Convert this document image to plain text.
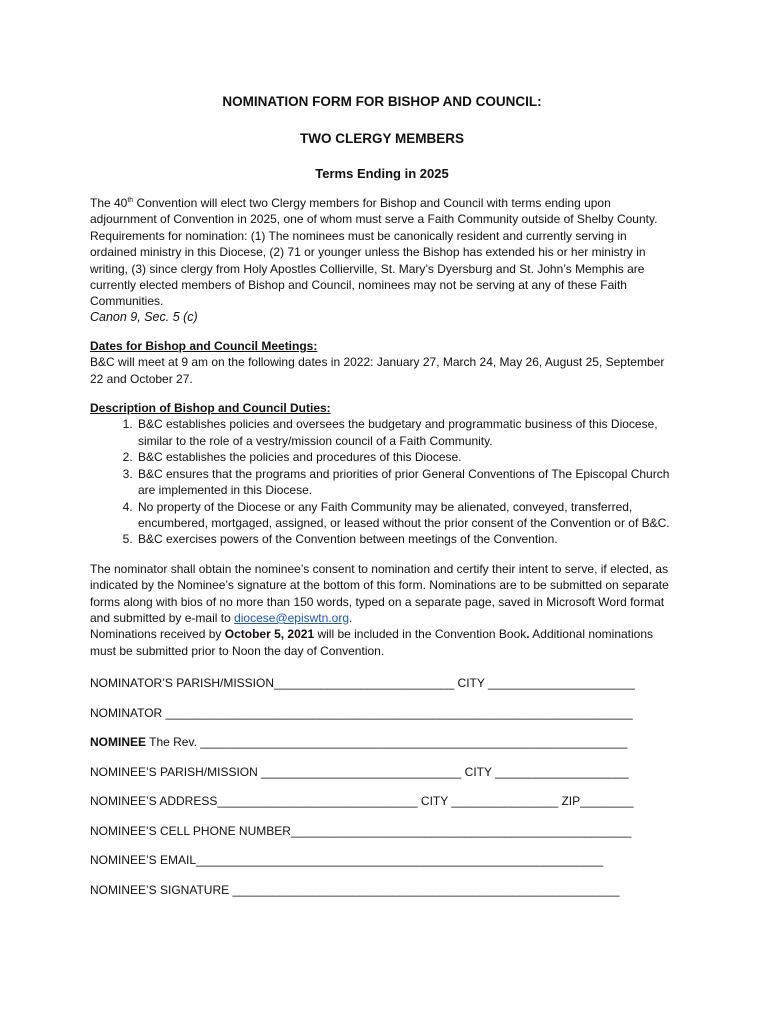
NOMINATION FORM FOR BISHOP AND COUNCIL:
TWO CLERGY MEMBERS
Terms Ending in 2025

The 40th Convention will elect two Clergy members for Bishop and Council with terms ending upon adjournment of Convention in 2025, one of whom must serve a Faith Community outside of Shelby County. Requirements for nomination: (1) The nominees must be canonically resident and currently serving in ordained ministry in this Diocese, (2) 71 or younger unless the Bishop has extended his or her ministry in writing, (3) since clergy from Holy Apostles Collierville, St. Mary’s Dyersburg and St. John’s Memphis are currently elected members of Bishop and Council, nominees may not be serving at any of these Faith Communities.

Canon 9, Sec. 5 (c)
Dates for Bishop and Council Meetings:

B&C will meet at 9 am on the following dates in 2022: January 27, March 24, May 26, August 25, September 22 and October 27.

Description of Bishop and Council Duties:
1. B&C establishes policies and oversees the budgetary and programmatic business of this Diocese, similar to the role of a vestry/mission council of a Faith Community.
2. B&C establishes the policies and procedures of this Diocese.
3. B&C ensures that the programs and priorities of prior General Conventions of The Episcopal Church are implemented in this Diocese.
4. No property of the Diocese or any Faith Community may be alienated, conveyed, transferred, encumbered, mortgaged, assigned, or leased without the prior consent of the Convention or of B&C.
5. B&C exercises powers of the Convention between meetings of the Convention.

The nominator shall obtain the nominee’s consent to nomination and certify their intent to serve, if elected, as indicated by the Nominee’s signature at the bottom of this form. Nominations are to be submitted on separate forms along with bios of no more than 150 words, typed on a separate page, saved in Microsoft Word format and submitted by e-mail to diocese@episwtn.org.
Nominations received by October 5, 2021 will be included in the Convention Book. Additional nominations must be submitted prior to Noon the day of Convention.

NOMINATOR’S PARISH/MISSION___________________________ CITY ______________________
NOMINATOR ______________________________________________________________________
NOMINEE The Rev. ________________________________________________________________
NOMINEE’S PARISH/MISSION ______________________________ CITY ____________________
NOMINEE’S ADDRESS______________________________ CITY ________________ ZIP________
NOMINEE’S CELL PHONE NUMBER___________________________________________________
NOMINEE’S EMAIL_____________________________________________________________
NOMINEE’S SIGNATURE __________________________________________________________
